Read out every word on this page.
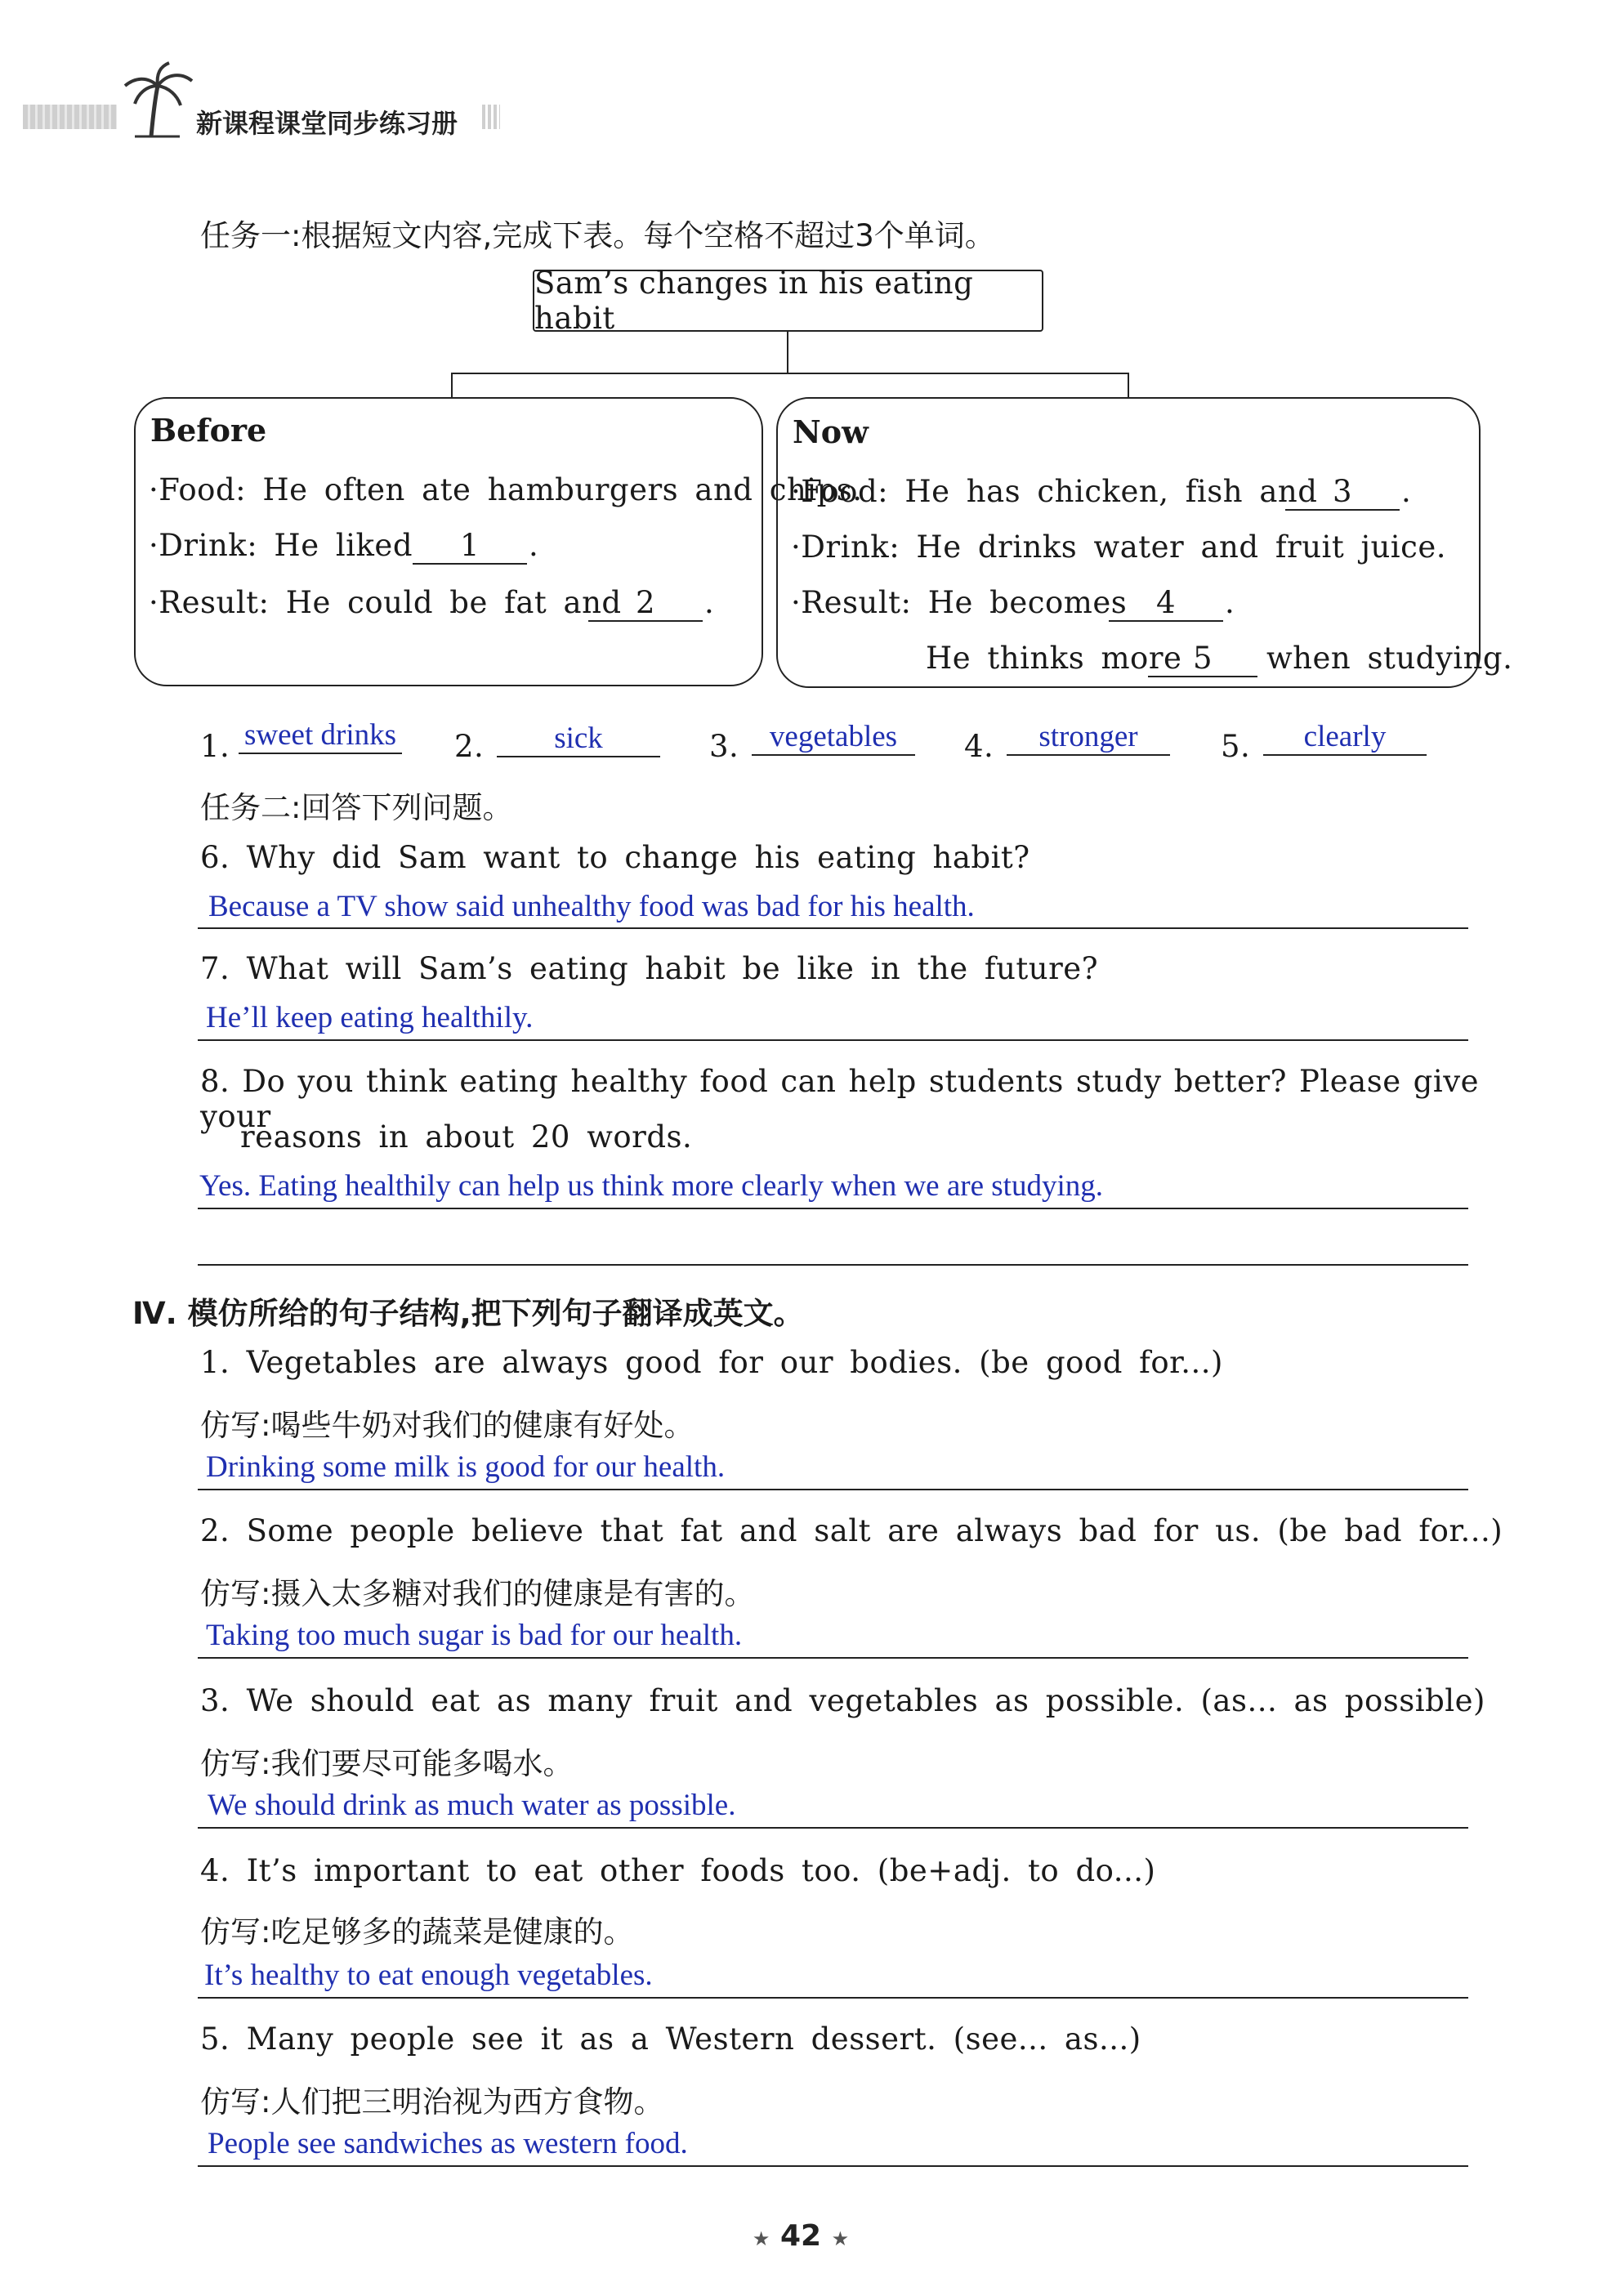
新课程课堂同步练习册
任务一:根据短文内容,完成下表。每个空格不超过3个单词。
Sam’s changes in his eating habit
Before
·Food: He often ate hamburgers and chips.
·Drink: He liked	1	.
·Result: He could be fat and 2	.
Now
·Food: He has chicken, fish and 3	.
·Drink: He drinks water and fruit juice.
·Result: He becomes 4	.
He thinks more 5	when studying.
1. sweet drinks 2.	sick	3.	vegetables	4.	stronger	5.	clearly
任务二:回答下列问题。
6. Why did Sam want to change his eating habit?
Because a TV show said unhealthy food was bad for his health.
7. What will Sam’s eating habit be like in the future?
He’ll keep eating healthily.
8. Do you think eating healthy food can help students study better? Please give your
reasons in about 20 words.
Yes. Eating healthily can help us think more clearly when we are studying.
Ⅳ. 模仿所给的句子结构,把下列句子翻译成英文。
1. Vegetables are always good for our bodies. (be good for...)
仿写:喝些牛奶对我们的健康有好处。
Drinking some milk is good for our health.
2. Some people believe that fat and salt are always bad for us. (be bad for...)
仿写:摄入太多糖对我们的健康是有害的。
Taking too much sugar is bad for our health.
3. We should eat as many fruit and vegetables as possible. (as... as possible)
仿写:我们要尽可能多喝水。
We should drink as much water as possible.
4. It’s important to eat other foods too. (be+adj. to do...)
仿写:吃足够多的蔬菜是健康的。
It’s healthy to eat enough vegetables.
5. Many people see it as a Western dessert. (see... as...)
仿写:人们把三明治视为西方食物。
People see sandwiches as western food.
★ 42 ★
